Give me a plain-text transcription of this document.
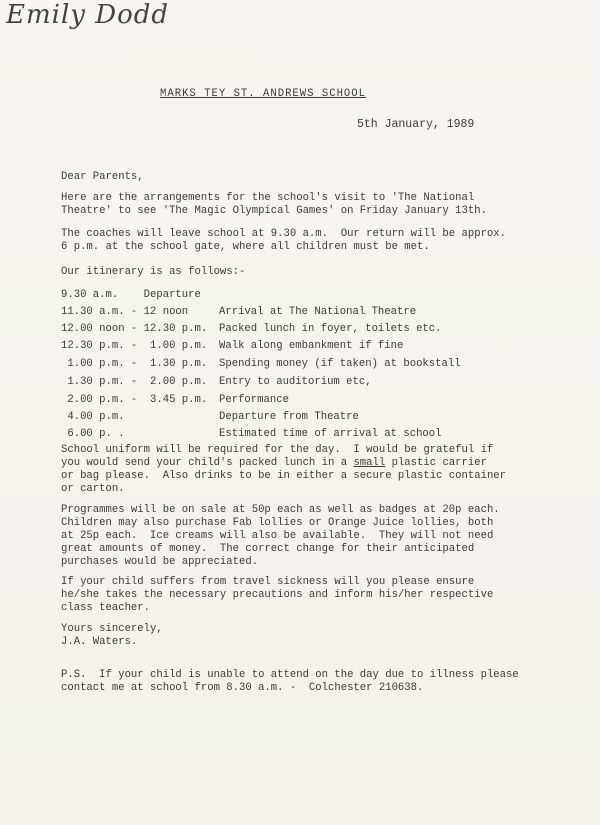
Emily Dodd
MARKS TEY ST. ANDREWS SCHOOL
5th January, 1989
Dear Parents,
Here are the arrangements for the school's visit to 'The National
Theatre' to see 'The Magic Olympical Games' on Friday January 13th.
The coaches will leave school at 9.30 a.m.  Our return will be approx.
6 p.m. at the school gate, where all children must be met.
Our itinerary is as follows:-
9.30 a.m.    Departure
11.30 a.m. - 12 noon	Arrival at The National Theatre
12.00 noon - 12.30 p.m. Packed lunch in foyer, toilets etc.
12.30 p.m. -  1.00 p.m. Walk along embankment if fine
1.00 p.m. -  1.30 p.m. Spending money (if taken) at bookstall
1.30 p.m. -  2.00 p.m. Entry to auditorium etc,
2.00 p.m. -  3.45 p.m. Performance
4.00 p.m.	Departure from Theatre
6.00 p. .	Estimated time of arrival at school
School uniform will be required for the day.  I would be grateful if
you would send your child's packed lunch in a small plastic carrier
or bag please.  Also drinks to be in either a secure plastic container
or carton.
Programmes will be on sale at 50p each as well as badges at 20p each.
Children may also purchase Fab lollies or Orange Juice lollies, both
at 25p each.  Ice creams will also be available.  They will not need
great amounts of money.  The correct change for their anticipated
purchases would be appreciated.
If your child suffers from travel sickness will you please ensure
he/she takes the necessary precautions and inform his/her respective
class teacher.
Yours sincerely,
J.A. Waters.
P.S.  If your child is unable to attend on the day due to illness please
contact me at school from 8.30 a.m. -  Colchester 210638.
